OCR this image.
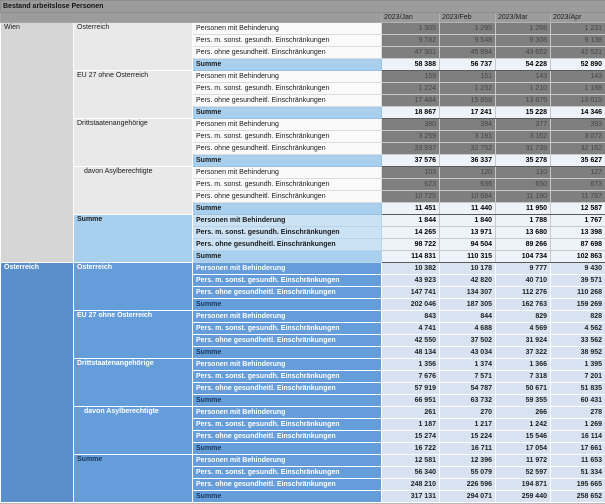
Bestand arbeitslose Personen						
			2023/Jan	2023/Feb	2023/Mar	2023/Apr
Wien	Österreich	Personen mit Behinderung	1 305	1 295	1 268	1 231
		Pers. m. sonst. gesundh. Einschränkungen	9 782	9 548	9 308	9 138
		Pers. ohne gesundheitl. Einschränkungen	47 301	45 894	43 652	42 521
		Summe	58 388	56 737	54 228	52 890
	EU 27 ohne Österreich	Personen mit Behinderung	159	151	143	143
		Pers. m. sonst. gesundh. Einschränkungen	1 224	1 232	1 210	1 188
		Pers. ohne gesundheitl. Einschränkungen	17 484	15 858	13 875	13 015
		Summe	18 867	17 241	15 228	14 346
	Drittstaatenangehörige	Personen mit Behinderung	380	394	377	393
		Pers. m. sonst. gesundh. Einschränkungen	3 259	3 191	3 162	3 072
		Pers. ohne gesundheitl. Einschränkungen	33 937	32 752	31 739	32 162
		Summe	37 576	36 337	35 278	35 627
	davon Asylberechtigte	Personen mit Behinderung	103	120	110	127
		Pers. m. sonst. gesundh. Einschränkungen	623	636	650	673
		Pers. ohne gesundheitl. Einschränkungen	10 725	10 684	11 190	11 787
		Summe	11 451	11 440	11 950	12 587
	Summe	Personen mit Behinderung	1 844	1 840	1 788	1 767
		Pers. m. sonst. gesundh. Einschränkungen	14 265	13 971	13 680	13 398
		Pers. ohne gesundheitl. Einschränkungen	98 722	94 504	89 266	87 698
		Summe	114 831	110 315	104 734	102 863
Österreich	Österreich	Personen mit Behinderung	10 382	10 178	9 777	9 430
		Pers. m. sonst. gesundh. Einschränkungen	43 923	42 820	40 710	39 571
		Pers. ohne gesundheitl. Einschränkungen	147 741	134 307	112 276	110 268
		Summe	202 046	187 305	162 763	159 269
	EU 27 ohne Österreich	Personen mit Behinderung	843	844	829	828
		Pers. m. sonst. gesundh. Einschränkungen	4 741	4 688	4 569	4 562
		Pers. ohne gesundheitl. Einschränkungen	42 550	37 502	31 924	33 562
		Summe	48 134	43 034	37 322	38 952
	Drittstaatenangehörige	Personen mit Behinderung	1 356	1 374	1 366	1 395
		Pers. m. sonst. gesundh. Einschränkungen	7 676	7 571	7 318	7 201
		Pers. ohne gesundheitl. Einschränkungen	57 919	54 787	50 671	51 835
		Summe	66 951	63 732	59 355	60 431
	davon Asylberechtigte	Personen mit Behinderung	261	270	266	278
		Pers. m. sonst. gesundh. Einschränkungen	1 187	1 217	1 242	1 269
		Pers. ohne gesundheitl. Einschränkungen	15 274	15 224	15 546	16 114
		Summe	16 722	16 711	17 054	17 661
	Summe	Personen mit Behinderung	12 581	12 396	11 972	11 653
		Pers. m. sonst. gesundh. Einschränkungen	56 340	55 079	52 597	51 334
		Pers. ohne gesundheitl. Einschränkungen	248 210	226 596	194 871	195 665
		Summe	317 131	294 071	259 440	258 652
